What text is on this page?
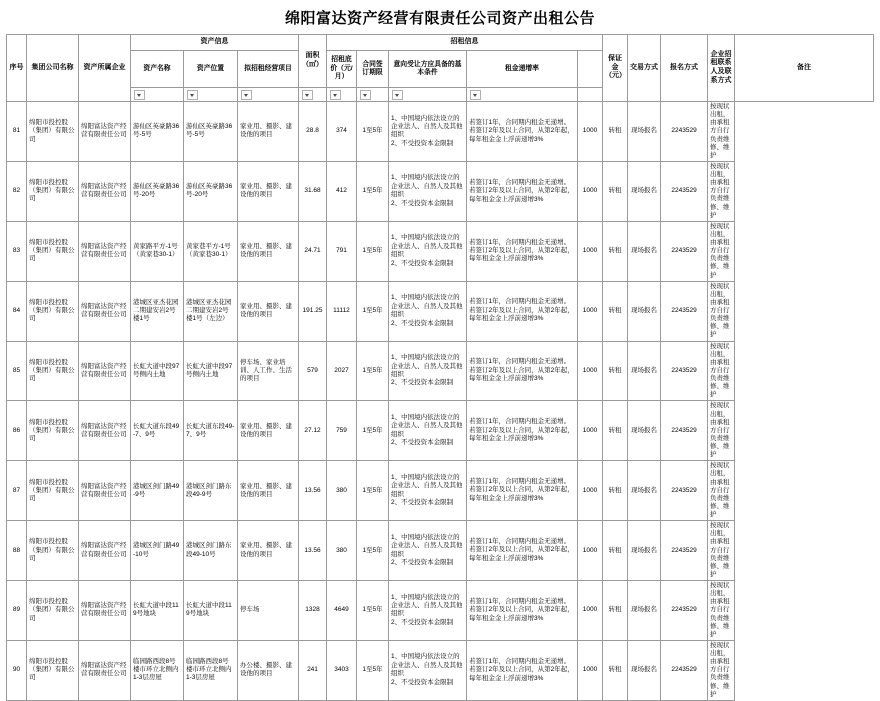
绵阳富达资产经营有限责任公司资产出租公告
序号	集团公司名称	资产所属企业	资产信息			面积（㎡）	招租信息					保证金（元）	交易方式	报名方式	企业招租联系人及联系方式	备注
			资产名称	资产位置	拟招租经营项目		招租底价（元/月）	合同签订期限	意向受让方应具备的基本条件	租金递增率						

81	绵阳市投控股（集团）有限公司	绵阳富达资产经营有限责任公司	游仙区英豪路36号-5号	游仙区英豪路36号-5号	家业用、摄影、建设他的项目	28.8	374	1至5年	1、中国境内依法设立的企业法人、自然人及其他组织
2、不受投资本金限制	若签订1年，合同期内租金无递增。
若签订2年及以上合同，从第2年起，每年租金金上浮前递增3%	1000	转租	现场报名	2243529	按现状出租，由承租方自行负责维修、维护	
82	绵阳市投控股（集团）有限公司	绵阳富达资产经营有限责任公司	游仙区英豪路36号-20号	游仙区英豪路36号-20号	家业用、摄影、建设他的项目	31.68	412	1至5年	1、中国境内依法设立的企业法人、自然人及其他组织
2、不受投资本金限制	若签订1年，合同期内租金无递增。
若签订2年及以上合同，从第2年起，每年租金金上浮前递增3%	1000	转租	现场报名	2243529	按现状出租，由承租方自行负责维修、维护	
83	绵阳市投控股（集团）有限公司	绵阳富达资产经营有限责任公司	黄家路平方-1号（黄家巷30-1）	黄家巷平方-1号（黄家巷30-1）	家业用、摄影、建设他的项目	24.71	791	1至5年	1、中国境内依法设立的企业法人、自然人及其他组织
2、不受投资本金限制	若签订1年，合同期内租金无递增。
若签订2年及以上合同，从第2年起，每年租金金上浮前递增3%	1000	转租	现场报名	2243529	按现状出租，由承租方自行负责维修、维护	
84	绵阳市投控股（集团）有限公司	绵阳富达资产经营有限责任公司	港城区亚杰花园二期建安岩2号楼1号	港城区亚杰花园二期建安岩2号楼1号（左边）	家业用、摄影、建设他的项目	191.25	11112	1至5年	1、中国境内依法设立的企业法人、自然人及其他组织
2、不受投资本金限制	若签订1年，合同期内租金无递增。
若签订2年及以上合同，从第2年起，每年租金金上浮前递增3%	1000	转租	现场报名	2243529	按现状出租，由承租方自行负责维修、维护	
85	绵阳市投控股（集团）有限公司	绵阳富达资产经营有限责任公司	长虹大道中段97号侧内土地	长虹大道中段97号侧内土地	停车场、家业培训、人工作、生活的项目	579	2027	1至5年	1、中国境内依法设立的企业法人、自然人及其他组织
2、不受投资本金限制	若签订1年，合同期内租金无递增。
若签订2年及以上合同，从第2年起，每年租金金上浮前递增3%	1000	转租	现场报名	2243529	按现状出租，由承租方自行负责维修、维护	
86	绵阳市投控股（集团）有限公司	绵阳富达资产经营有限责任公司	长虹大道东段49-7、9号	长虹大道东段49-7、9号	家业用、摄影、建设他的项目	27.12	759	1至5年	1、中国境内依法设立的企业法人、自然人及其他组织
2、不受投资本金限制	若签订1年，合同期内租金无递增。
若签订2年及以上合同，从第2年起，每年租金金上浮前递增3%	1000	转租	现场报名	2243529	按现状出租，由承租方自行负责维修、维护	
87	绵阳市投控股（集团）有限公司	绵阳富达资产经营有限责任公司	港城区剑门路49-9号	港城区剑门路东段49-9号	家业用、摄影、建设他的项目	13.56	380	1至5年	1、中国境内依法设立的企业法人、自然人及其他组织
2、不受投资本金限制	若签订1年，合同期内租金无递增。
若签订2年及以上合同，从第2年起，每年租金金上浮前递增3%	1000	转租	现场报名	2243529	按现状出租，由承租方自行负责维修、维护	
88	绵阳市投控股（集团）有限公司	绵阳富达资产经营有限责任公司	港城区剑门路49-10号	港城区剑门路东段49-10号	家业用、摄影、建设他的项目	13.56	380	1至5年	1、中国境内依法设立的企业法人、自然人及其他组织
2、不受投资本金限制	若签订1年，合同期内租金无递增。
若签订2年及以上合同，从第2年起，每年租金金上浮前递增3%	1000	转租	现场报名	2243529	按现状出租，由承租方自行负责维修、维护	
89	绵阳市投控股（集团）有限公司	绵阳富达资产经营有限责任公司	长虹大道中段119号地块	长虹大道中段119号地块	停车场	1328	4649	1至5年	1、中国境内依法设立的企业法人、自然人及其他组织
2、不受投资本金限制	若签订1年，合同期内租金无递增。
若签订2年及以上合同，从第2年起，每年租金金上浮前递增3%	1000	转租	现场报名	2243529	按现状出租，由承租方自行负责维修、维护	
90	绵阳市投控股（集团）有限公司	绵阳富达资产经营有限责任公司	临园路西段8号楼市环立北侧内1-3层房屋	临园路西段8号楼市环立北侧内1-3层房屋	办公楼、摄影、建设他的项目	241	3403	1至5年	1、中国境内依法设立的企业法人、自然人及其他组织
2、不受投资本金限制	若签订1年，合同期内租金无递增。
若签订2年及以上合同，从第2年起，每年租金金上浮前递增3%	1000	转租	现场报名	2243529	按现状出租，由承租方自行负责维修、维护	
